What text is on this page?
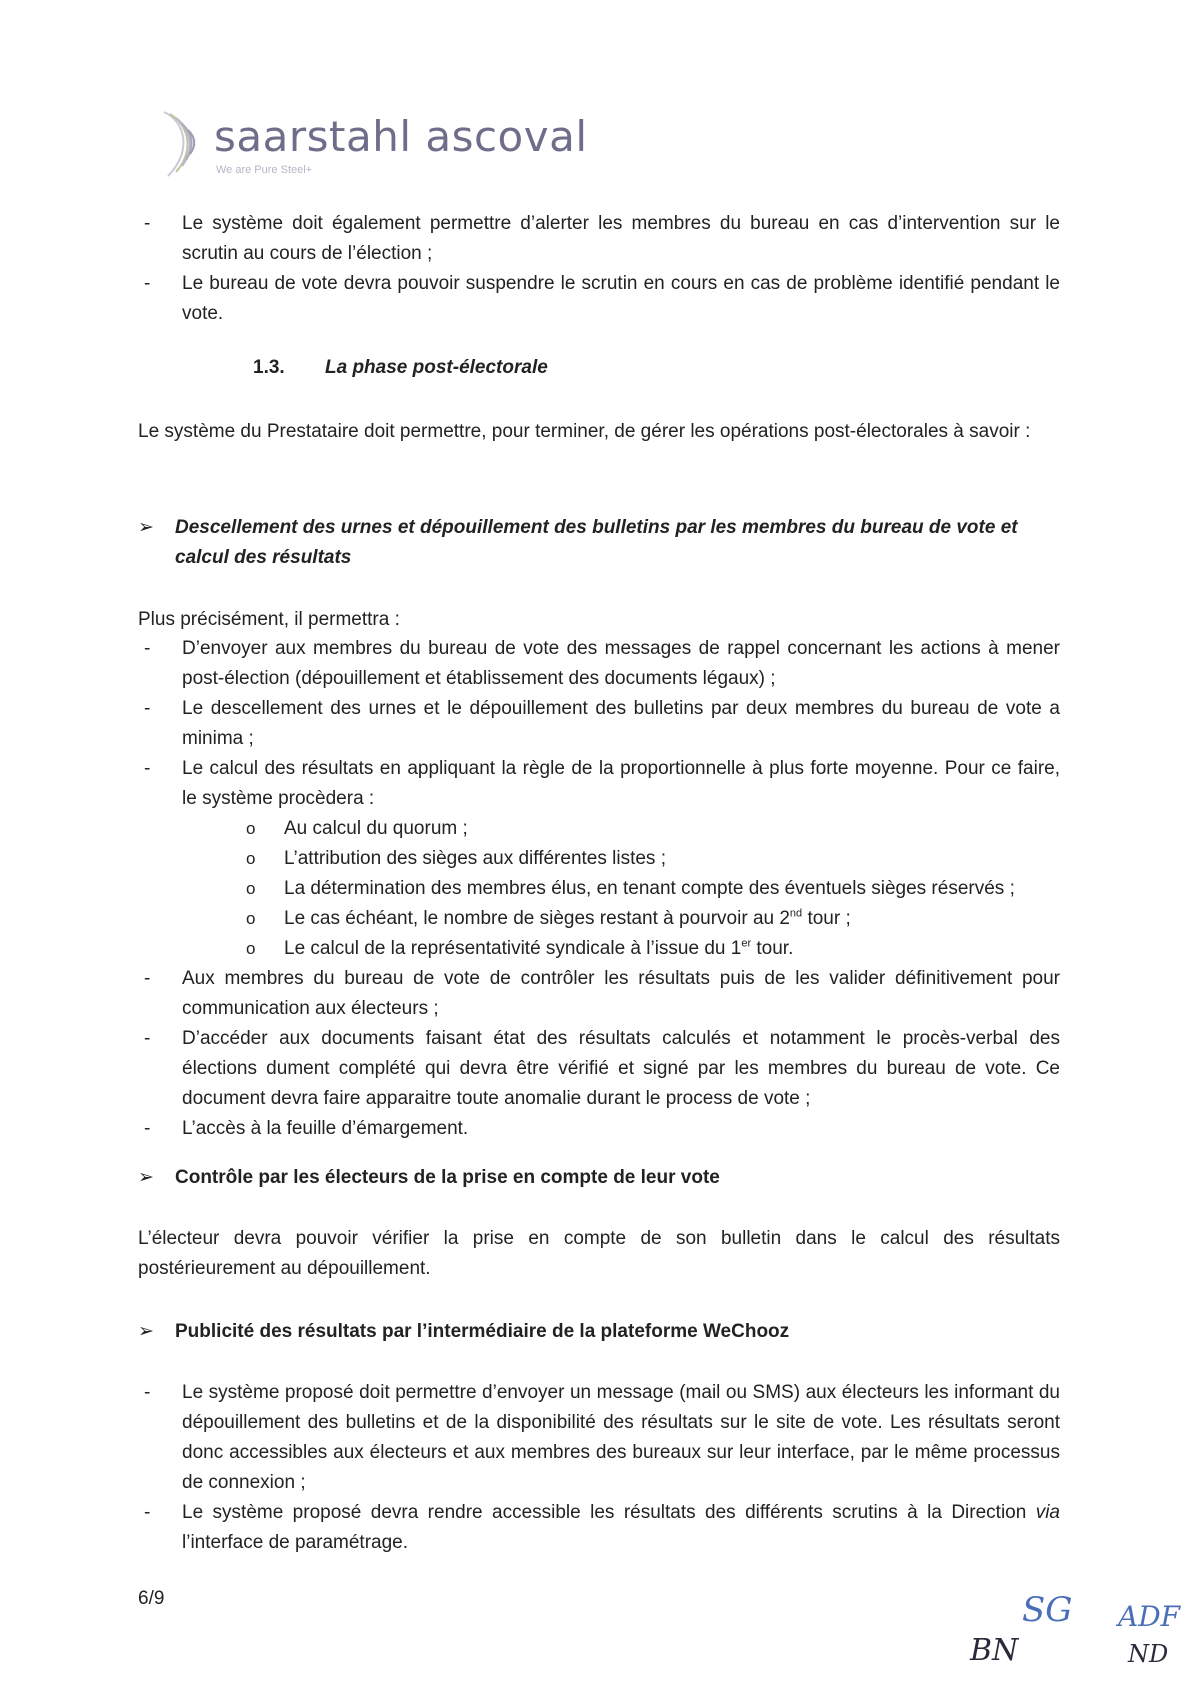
saarstahl ascoval
We are Pure Steel+
- Le système doit également permettre d’alerter les membres du bureau en cas d’intervention sur le scrutin au cours de l’élection ;
- Le bureau de vote devra pouvoir suspendre le scrutin en cours en cas de problème identifié pendant le vote.
1.3. La phase post-électorale
Le système du Prestataire doit permettre, pour terminer, de gérer les opérations post-électorales à savoir :
➢ Descellement des urnes et dépouillement des bulletins par les membres du bureau de vote et calcul des résultats
Plus précisément, il permettra :
- D’envoyer aux membres du bureau de vote des messages de rappel concernant les actions à mener post-élection (dépouillement et établissement des documents légaux) ;
- Le descellement des urnes et le dépouillement des bulletins par deux membres du bureau de vote a minima ;
- Le calcul des résultats en appliquant la règle de la proportionnelle à plus forte moyenne. Pour ce faire, le système procèdera :
o Au calcul du quorum ;
o L’attribution des sièges aux différentes listes ;
o La détermination des membres élus, en tenant compte des éventuels sièges réservés ;
o Le cas échéant, le nombre de sièges restant à pourvoir au 2nd tour ;
o Le calcul de la représentativité syndicale à l’issue du 1er tour.
- Aux membres du bureau de vote de contrôler les résultats puis de les valider définitivement pour communication aux électeurs ;
- D’accéder aux documents faisant état des résultats calculés et notamment le procès-verbal des élections dument complété qui devra être vérifié et signé par les membres du bureau de vote. Ce document devra faire apparaitre toute anomalie durant le process de vote ;
- L’accès à la feuille d’émargement.
➢ Contrôle par les électeurs de la prise en compte de leur vote
L’électeur devra pouvoir vérifier la prise en compte de son bulletin dans le calcul des résultats postérieurement au dépouillement.
➢ Publicité des résultats par l’intermédiaire de la plateforme WeChooz
- Le système proposé doit permettre d’envoyer un message (mail ou SMS) aux électeurs les informant du dépouillement des bulletins et de la disponibilité des résultats sur le site de vote. Les résultats seront donc accessibles aux électeurs et aux membres des bureaux sur leur interface, par le même processus de connexion ;
- Le système proposé devra rendre accessible les résultats des différents scrutins à la Direction via l’interface de paramétrage.
6/9	SG
BN
ADF
ND
